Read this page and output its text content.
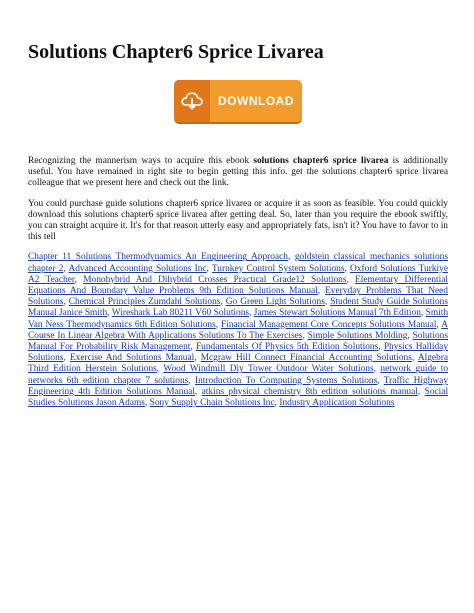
Solutions Chapter6 Sprice Livarea
DOWNLOAD

Recognizing the mannerism ways to acquire this ebook solutions chapter6 sprice livarea is additionally useful. You have remained in right site to begin getting this info. get the solutions chapter6 sprice livarea colleague that we present here and check out the link.

You could purchase guide solutions chapter6 sprice livarea or acquire it as soon as feasible. You could quickly download this solutions chapter6 sprice livarea after getting deal. So, later than you require the ebook swiftly, you can straight acquire it. It's for that reason utterly easy and appropriately fats, isn't it? You have to favor to in this tell

Chapter 11 Solutions Thermodynamics An Engineering Approach, goldstein classical mechanics solutions chapter 2, Advanced Accounting Solutions Inc, Turnkey Control System Solutions, Oxford Solutions Turkiye A2 Teacher, Monohybrid And Dihybrid Crosses Practical Grade12 Solutions, Elementary Differential Equations And Boundary Value Problems 9th Edition Solutions Manual, Everyday Problems That Need Solutions, Chemical Principles Zumdahl Solutions, Go Green Light Solutions, Student Study Guide Solutions Manual Janice Smith, Wireshark Lab 80211 V60 Solutions, James Stewart Solutions Manual 7th Edition, Smith Van Ness Thermodynamics 6th Edition Solutions, Financial Management Core Concepts Solutions Manual, A Course In Linear Algebra With Applications Solutions To The Exercises, Simple Solutions Molding, Solutions Manual For Probability Risk Management, Fundamentals Of Physics 5th Edition Solutions, Physics Halliday Solutions, Exercise And Solutions Manual, Mcgraw Hill Connect Financial Accounting Solutions, Algebra Third Edition Herstein Solutions, Wood Windmill Diy Tower Outdoor Water Solutions, network guide to networks 6th edition chapter 7 solutions, Introduction To Computing Systems Solutions, Traffic Highway Engineering 4th Edition Solutions Manual, atkins physical chemistry 8th edition solutions manual, Social Studies Solutions Jason Adams, Sony Supply Chain Solutions Inc, Industry Application Solutions
